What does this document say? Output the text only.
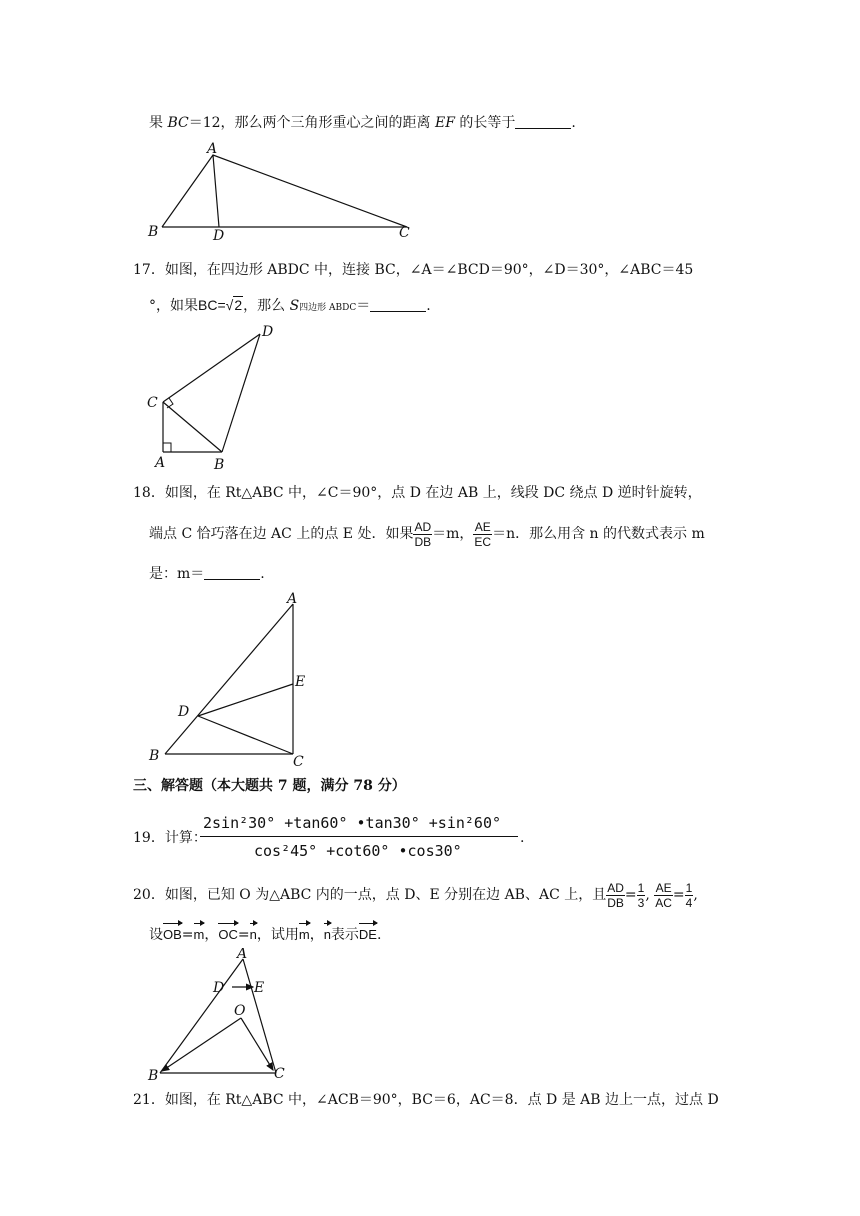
果 BC＝12，那么两个三角形重心之间的距离 EF 的长等于	.
A
B	D	C
17．如图，在四边形 ABDC 中，连接 BC，∠A＝∠BCD＝90°，∠D＝30°，∠ABC＝45
°，如果BC=√2，那么 S四边形 ABDC＝	.
D
C
A	B
18．如图，在 Rt△ABC 中，∠C＝90°，点 D 在边 AB 上，线段 DC 绕点 D 逆时针旋转，
端点 C 恰巧落在边 AC 上的点 E 处．如果 $\frac{AD}{DB} =m$， $\frac{AE}{EC} =n$．那么用含 n 的代数式表示 m
是：m＝	.
A
E
D
B	C
三、解答题（本大题共 7 题，满分 78 分）
19．计算：
2sin²30° +tan60° •tan30° +sin²60°
cos²45° +cot60° •cos30°
.
20．如图，已知 O 为△ABC 内的一点，点 D、E 分别在边 AB、AC 上，且 $\frac{AD}{DB} = \frac{1}{3}$ , $\frac{AE}{AC} = \frac{1}{4}$ ,
设OB=m，OC=n，试用m，n表示DE.
A
D E
O
B	C
21．如图，在 Rt△ABC 中，∠ACB＝90°，BC＝6，AC＝8．点 D 是 AB 边上一点，过点 D
